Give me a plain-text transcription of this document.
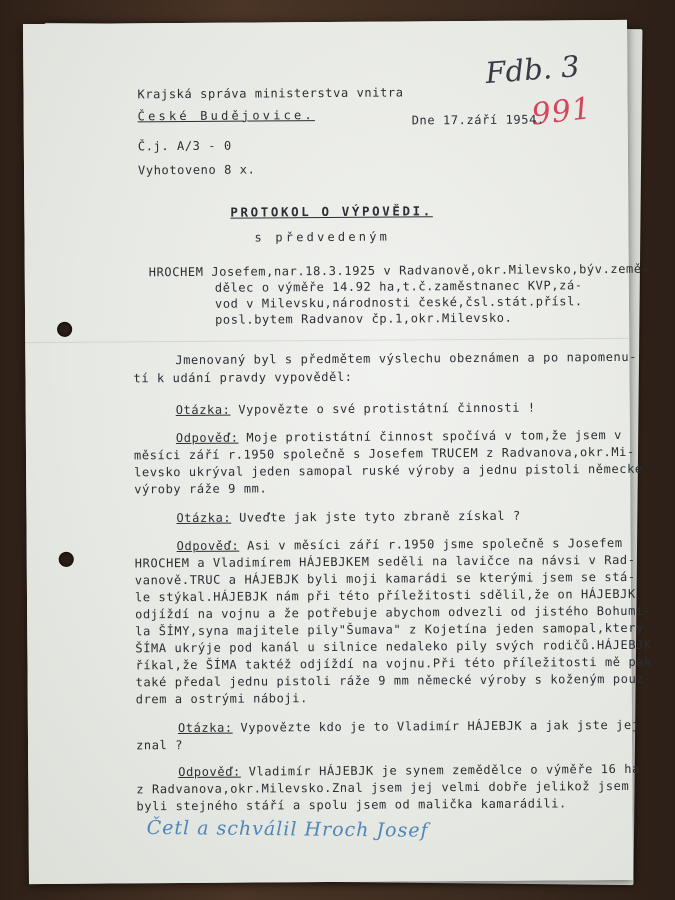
Fdb. 3
991
Krajská správa ministerstva vnitra
České Budějovice.	Dne 17.září 1954.
Č.j. A/3 - 0
Vyhotoveno 8 x.
PROTOKOL O VÝPOVĚDI.
s předvedeným
HROCHEM Josefem,nar.18.3.1925 v Radvanově,okr.Milevsko,býv.země-
dělec o výměře 14.92 ha,t.č.zaměstnanec KVP,zá-
vod v Milevsku,národnosti české,čsl.stát.přísl.
posl.bytem Radvanov čp.1,okr.Milevsko.
Jmenovaný byl s předmětem výslechu obeznámen a po napomenu-
tí k udání pravdy vypověděl:
Otázka: Vypovězte o své protistátní činnosti !
Odpověď: Moje protistátní činnost spočívá v tom,že jsem v
měsíci září r.1950 společně s Josefem TRUCEM z Radvanova,okr.Mi-
levsko ukrýval jeden samopal ruské výroby a jednu pistoli německé
výroby ráže 9 mm.
Otázka: Uveďte jak jste tyto zbraně získal ?
Odpověď: Asi v měsíci září r.1950 jsme společně s Josefem
HROCHEM a Vladimírem HÁJEBJKEM seděli na lavičce na návsi v Rad-
vanově.TRUC a HÁJEBJK byli moji kamarádi se kterými jsem se stá-
le stýkal.HÁJEBJK nám při této příležitosti sdělil,že on HÁJEBJK
odjíždí na vojnu a že potřebuje abychom odvezli od jistého Bohumi-
la ŠÍMY,syna majitele pily"Šumava" z Kojetína jeden samopal,který
ŠÍMA ukrýje pod kanál u silnice nedaleko pily svých rodičů.HÁJEBJK
říkal,že ŠÍMA taktéž odjíždí na vojnu.Při této příležitosti mě pak
také předal jednu pistoli ráže 9 mm německé výroby s koženým pouz-
drem a ostrými náboji.
Otázka: Vypovězte kdo je to Vladimír HÁJEBJK a jak jste jej
znal ?
Odpověď: Vladimír HÁJEBJK je synem zemědělce o výměře 16 ha
z Radvanova,okr.Milevsko.Znal jsem jej velmi dobře jelikož jsem
byli stejného stáří a spolu jsem od malička kamarádili.
Četl a schválil Hroch Josef
